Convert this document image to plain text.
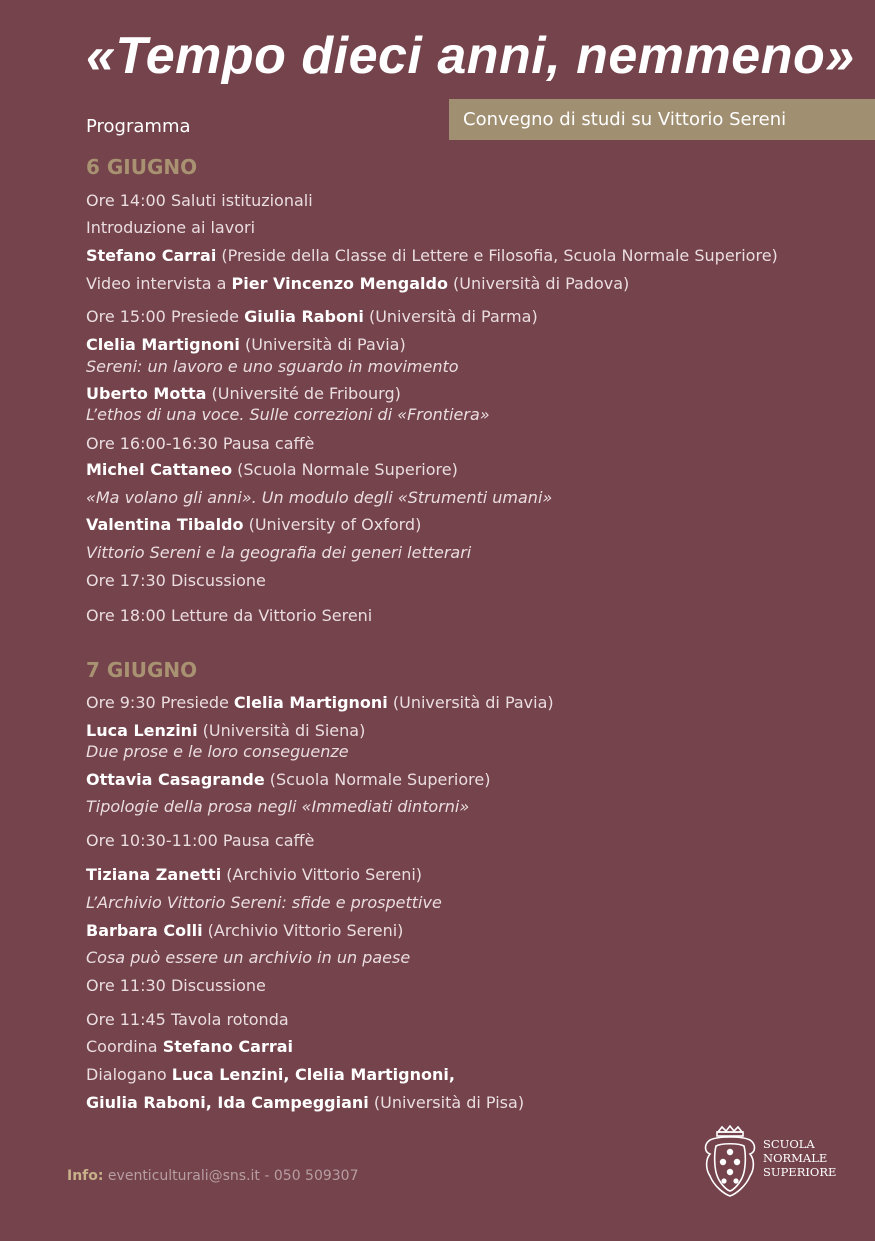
«Tempo dieci anni, nemmeno»
Convegno di studi su Vittorio Sereni
Programma
6 GIUGNO
Ore 14:00 Saluti istituzionali
Introduzione ai lavori
Stefano Carrai (Preside della Classe di Lettere e Filosofia, Scuola Normale Superiore)
Video intervista a Pier Vincenzo Mengaldo (Università di Padova)
Ore 15:00 Presiede Giulia Raboni (Università di Parma)
Clelia Martignoni (Università di Pavia)
Sereni: un lavoro e uno sguardo in movimento
Uberto Motta (Université de Fribourg)
L’ethos di una voce. Sulle correzioni di «Frontiera»
Ore 16:00-16:30 Pausa caffè
Michel Cattaneo (Scuola Normale Superiore)
«Ma volano gli anni». Un modulo degli «Strumenti umani»
Valentina Tibaldo (University of Oxford)
Vittorio Sereni e la geografia dei generi letterari
Ore 17:30 Discussione
Ore 18:00 Letture da Vittorio Sereni
7 GIUGNO
Ore 9:30 Presiede Clelia Martignoni (Università di Pavia)
Luca Lenzini (Università di Siena)
Due prose e le loro conseguenze
Ottavia Casagrande (Scuola Normale Superiore)
Tipologie della prosa negli «Immediati dintorni»
Ore 10:30-11:00 Pausa caffè
Tiziana Zanetti (Archivio Vittorio Sereni)
L’Archivio Vittorio Sereni: sfide e prospettive
Barbara Colli (Archivio Vittorio Sereni)
Cosa può essere un archivio in un paese
Ore 11:30 Discussione
Ore 11:45 Tavola rotonda
Coordina Stefano Carrai
Dialogano Luca Lenzini, Clelia Martignoni,
Giulia Raboni, Ida Campeggiani (Università di Pisa)
Info: eventiculturali@sns.it - 050 509307
SCUOLA
NORMALE
SUPERIORE
